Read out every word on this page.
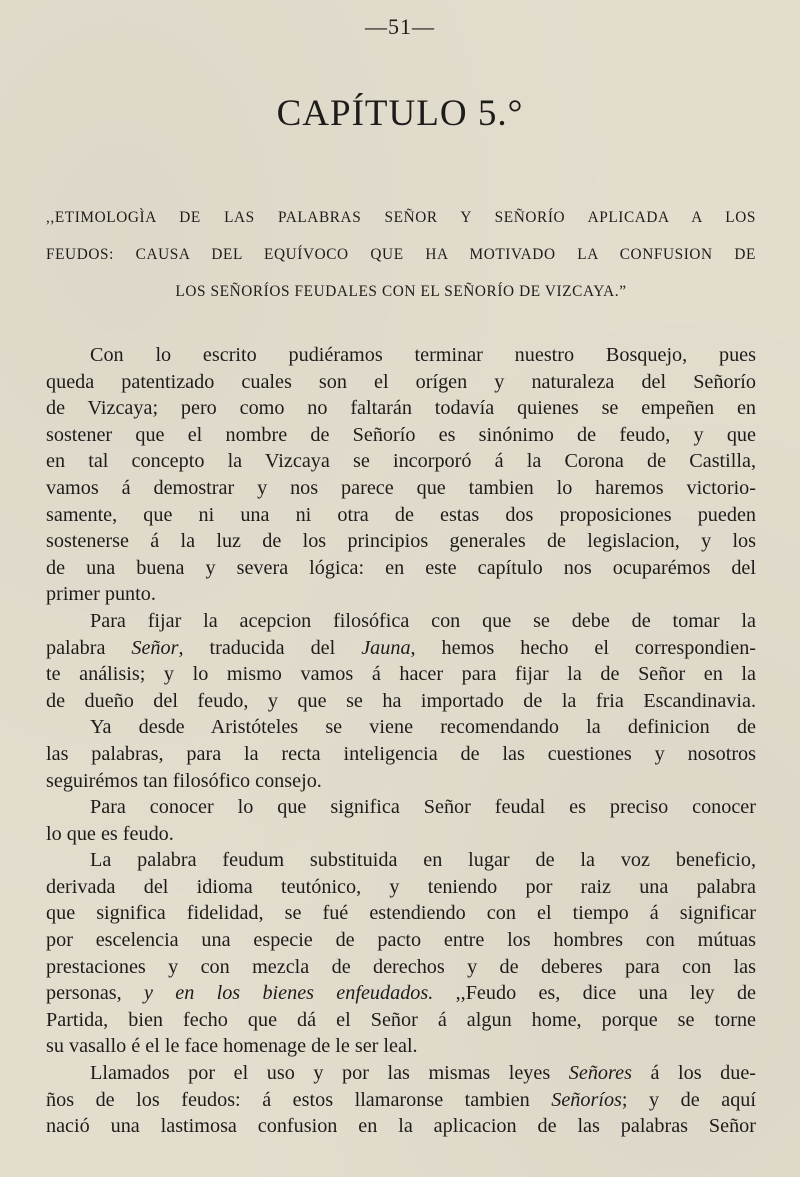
—51—
CAPÍTULO 5.°
,,ETIMOLOGÌA DE LAS PALABRAS SEÑOR Y SEÑORÍO APLICADA A LOS
FEUDOS: CAUSA DEL EQUÍVOCO QUE HA MOTIVADO LA CONFUSION DE
LOS SEÑORÍOS FEUDALES CON EL SEÑORÍO DE VIZCAYA.”
Con lo escrito pudiéramos terminar nuestro Bosquejo, pues
queda patentizado cuales son el orígen y naturaleza del Señorío
de Vizcaya; pero como no faltarán todavía quienes se empeñen en
sostener que el nombre de Señorío es sinónimo de feudo, y que
en tal concepto la Vizcaya se incorporó á la Corona de Castilla,
vamos á demostrar y nos parece que tambien lo haremos victorio-
samente, que ni una ni otra de estas dos proposiciones pueden
sostenerse á la luz de los principios generales de legislacion, y los
de una buena y severa lógica: en este capítulo nos ocuparémos del
primer punto.
Para fijar la acepcion filosófica con que se debe de tomar la
palabra Señor, traducida del Jauna, hemos hecho el correspondien-
te análisis; y lo mismo vamos á hacer para fijar la de Señor en la
de dueño del feudo, y que se ha importado de la fria Escandinavia.
Ya desde Aristóteles se viene recomendando la definicion de
las palabras, para la recta inteligencia de las cuestiones y nosotros
seguirémos tan filosófico consejo.
Para conocer lo que significa Señor feudal es preciso conocer
lo que es feudo.
La palabra feudum substituida en lugar de la voz beneficio,
derivada del idioma teutónico, y teniendo por raiz una palabra
que significa fidelidad, se fué estendiendo con el tiempo á significar
por escelencia una especie de pacto entre los hombres con mútuas
prestaciones y con mezcla de derechos y de deberes para con las
personas, y en los bienes enfeudados. ,,Feudo es, dice una ley de
Partida, bien fecho que dá el Señor á algun home, porque se torne
su vasallo é el le face homenage de le ser leal.
Llamados por el uso y por las mismas leyes Señores á los due-
ños de los feudos: á estos llamaronse tambien Señoríos; y de aquí
nació una lastimosa confusion en la aplicacion de las palabras Señor
